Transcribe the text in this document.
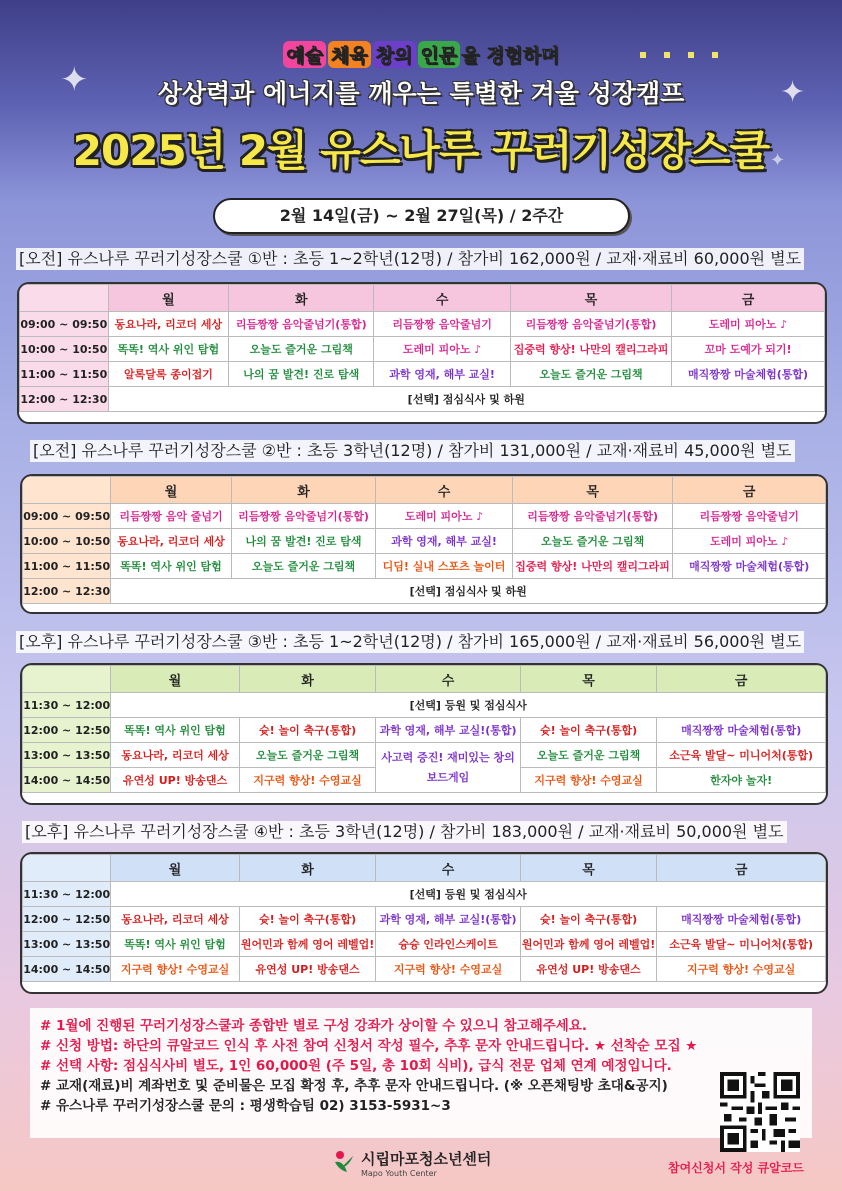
✦	✦
✦
예술 체육 창의 인문 을 경험하며
상상력과 에너지를 깨우는 특별한 겨울 성장캠프
2025년 2월 유스나루 꾸러기성장스쿨
2월 14일(금) ~ 2월 27일(목) / 2주간
[오전] 유스나루 꾸러기성장스쿨 ①반 : 초등 1~2학년(12명) / 참가비 162,000원 / 교재·재료비 60,000원 별도
	월	화	수	목	금
09:00 ~ 09:50	동요나라, 리코더 세상	리듬짱짱 음악줄넘기(통합)	리듬짱짱 음악줄넘기	리듬짱짱 음악줄넘기(통합)	도레미 피아노 ♪
10:00 ~ 10:50	똑똑! 역사 위인 탐험	오늘도 즐거운 그림책	도레미 피아노 ♪	집중력 향상! 나만의 캘리그라피	꼬마 도예가 되기!
11:00 ~ 11:50	알록달록 종이접기	나의 꿈 발견! 진로 탐색	과학 영재, 해부 교실!	오늘도 즐거운 그림책	매직짱짱 마술체험(통합)
12:00 ~ 12:30	[선택] 점심식사 및 하원				
[오전] 유스나루 꾸러기성장스쿨 ②반 : 초등 3학년(12명) / 참가비 131,000원 / 교재·재료비 45,000원 별도
	월	화	수	목	금
09:00 ~ 09:50	리듬짱짱 음악 줄넘기	리듬짱짱 음악줄넘기(통합)	도레미 피아노 ♪	리듬짱짱 음악줄넘기(통합)	리듬짱짱 음악줄넘기
10:00 ~ 10:50	동요나라, 리코더 세상	나의 꿈 발견! 진로 탐색	과학 영재, 해부 교실!	오늘도 즐거운 그림책	도레미 피아노 ♪
11:00 ~ 11:50	똑똑! 역사 위인 탐험	오늘도 즐거운 그림책	디딤! 실내 스포츠 놀이터	집중력 향상! 나만의 캘리그라피	매직짱짱 마술체험(통합)
12:00 ~ 12:30	[선택] 점심식사 및 하원				
[오후] 유스나루 꾸러기성장스쿨 ③반 : 초등 1~2학년(12명) / 참가비 165,000원 / 교재·재료비 56,000원 별도
	월	화	수	목	금
11:30 ~ 12:00	[선택] 등원 및 점심식사				
12:00 ~ 12:50	똑똑! 역사 위인 탐험	슛! 놀이 축구(통합)	과학 영재, 해부 교실!(통합)	슛! 놀이 축구(통합)	매직짱짱 마술체험(통합)
13:00 ~ 13:50	동요나라, 리코더 세상	오늘도 즐거운 그림책	사고력 증진! 재미있는 창의보드게임	오늘도 즐거운 그림책	소근육 발달~ 미니어처(통합)
14:00 ~ 14:50	유연성 UP! 방송댄스	지구력 향상! 수영교실		지구력 향상! 수영교실	한자야 놀자!
[오후] 유스나루 꾸러기성장스쿨 ④반 : 초등 3학년(12명) / 참가비 183,000원 / 교재·재료비 50,000원 별도
	월	화	수	목	금
11:30 ~ 12:00	[선택] 등원 및 점심식사				
12:00 ~ 12:50	동요나라, 리코더 세상	슛! 놀이 축구(통합)	과학 영재, 해부 교실!(통합)	슛! 놀이 축구(통합)	매직짱짱 마술체험(통합)
13:00 ~ 13:50	똑똑! 역사 위인 탐험	원어민과 함께 영어 레벨업!	슝슝 인라인스케이트	원어민과 함께 영어 레벨업!	소근육 발달~ 미니어처(통합)
14:00 ~ 14:50	지구력 향상! 수영교실	유연성 UP! 방송댄스	지구력 향상! 수영교실	유연성 UP! 방송댄스	지구력 향상! 수영교실

# 1월에 진행된 꾸러기성장스쿨과 종합반 별로 구성 강좌가 상이할 수 있으니 참고해주세요.

# 신청 방법: 하단의 큐알코드 인식 후 사전 참여 신청서 작성 필수, 추후 문자 안내드립니다. ★ 선착순 모집 ★

# 선택 사항: 점심식사비 별도, 1인 60,000원 (주 5일, 총 10회 식비), 급식 전문 업체 연계 예정입니다.

# 교재(재료)비 계좌번호 및 준비물은 모집 확정 후, 추후 문자 안내드립니다. (※ 오픈채팅방 초대&공지)

# 유스나루 꾸러기성장스쿨 문의 : 평생학습팀 02) 3153-5931~3

참여신청서 작성 큐알코드
시립마포청소년센터
Mapo Youth Center
